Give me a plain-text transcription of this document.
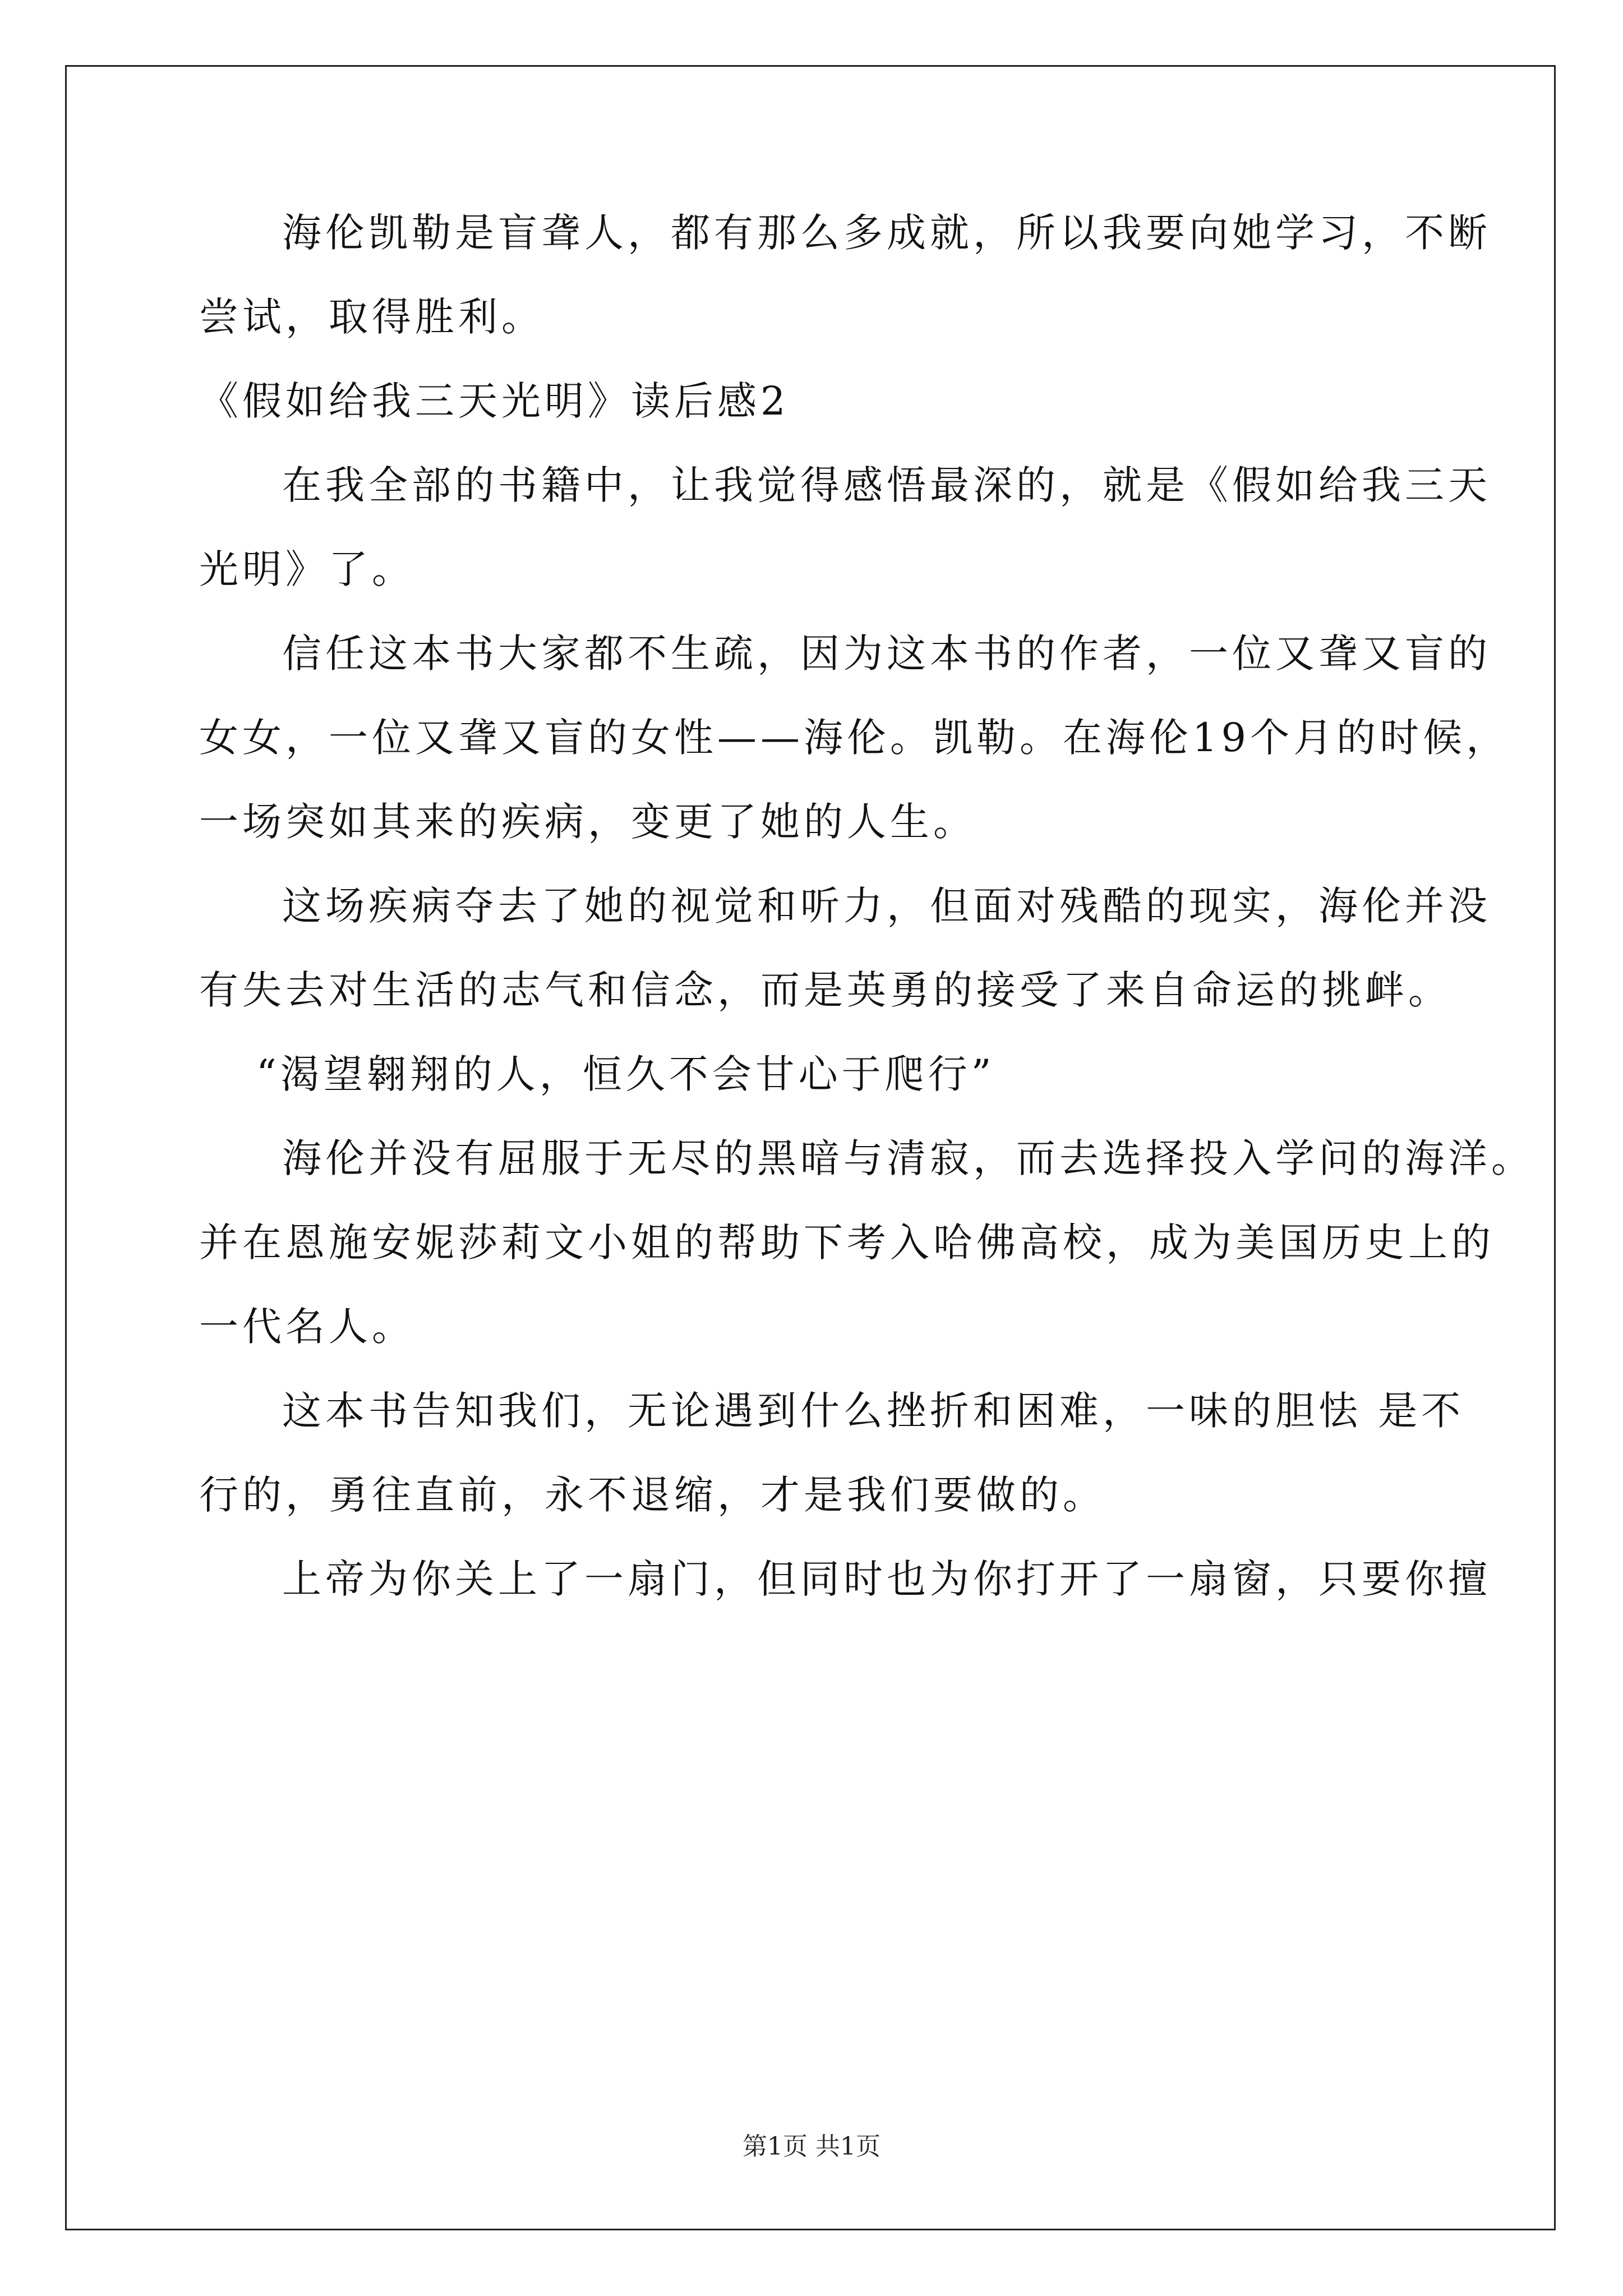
海伦凯勒是盲聋人，都有那么多成就，所以我要向她学习，不断
尝试，取得胜利。
《假如给我三天光明》读后感2
在我全部的书籍中，让我觉得感悟最深的，就是《假如给我三天
光明》了。
信任这本书大家都不生疏，因为这本书的作者，一位又聋又盲的
女女，一位又聋又盲的女性——海伦。凯勒。在海伦19个月的时候，
一场突如其来的疾病，变更了她的人生。
这场疾病夺去了她的视觉和听力，但面对残酷的现实，海伦并没
有失去对生活的志气和信念，而是英勇的接受了来自命运的挑衅。
“渴望翱翔的人，恒久不会甘心于爬行”
海伦并没有屈服于无尽的黑暗与清寂，而去选择投入学问的海洋。
并在恩施安妮莎莉文小姐的帮助下考入哈佛高校，成为美国历史上的
一代名人。
这本书告知我们，无论遇到什么挫折和困难，一味的胆怯 是不
行的，勇往直前，永不退缩，才是我们要做的。
上帝为你关上了一扇门，但同时也为你打开了一扇窗，只要你擅
第1页 共1页
